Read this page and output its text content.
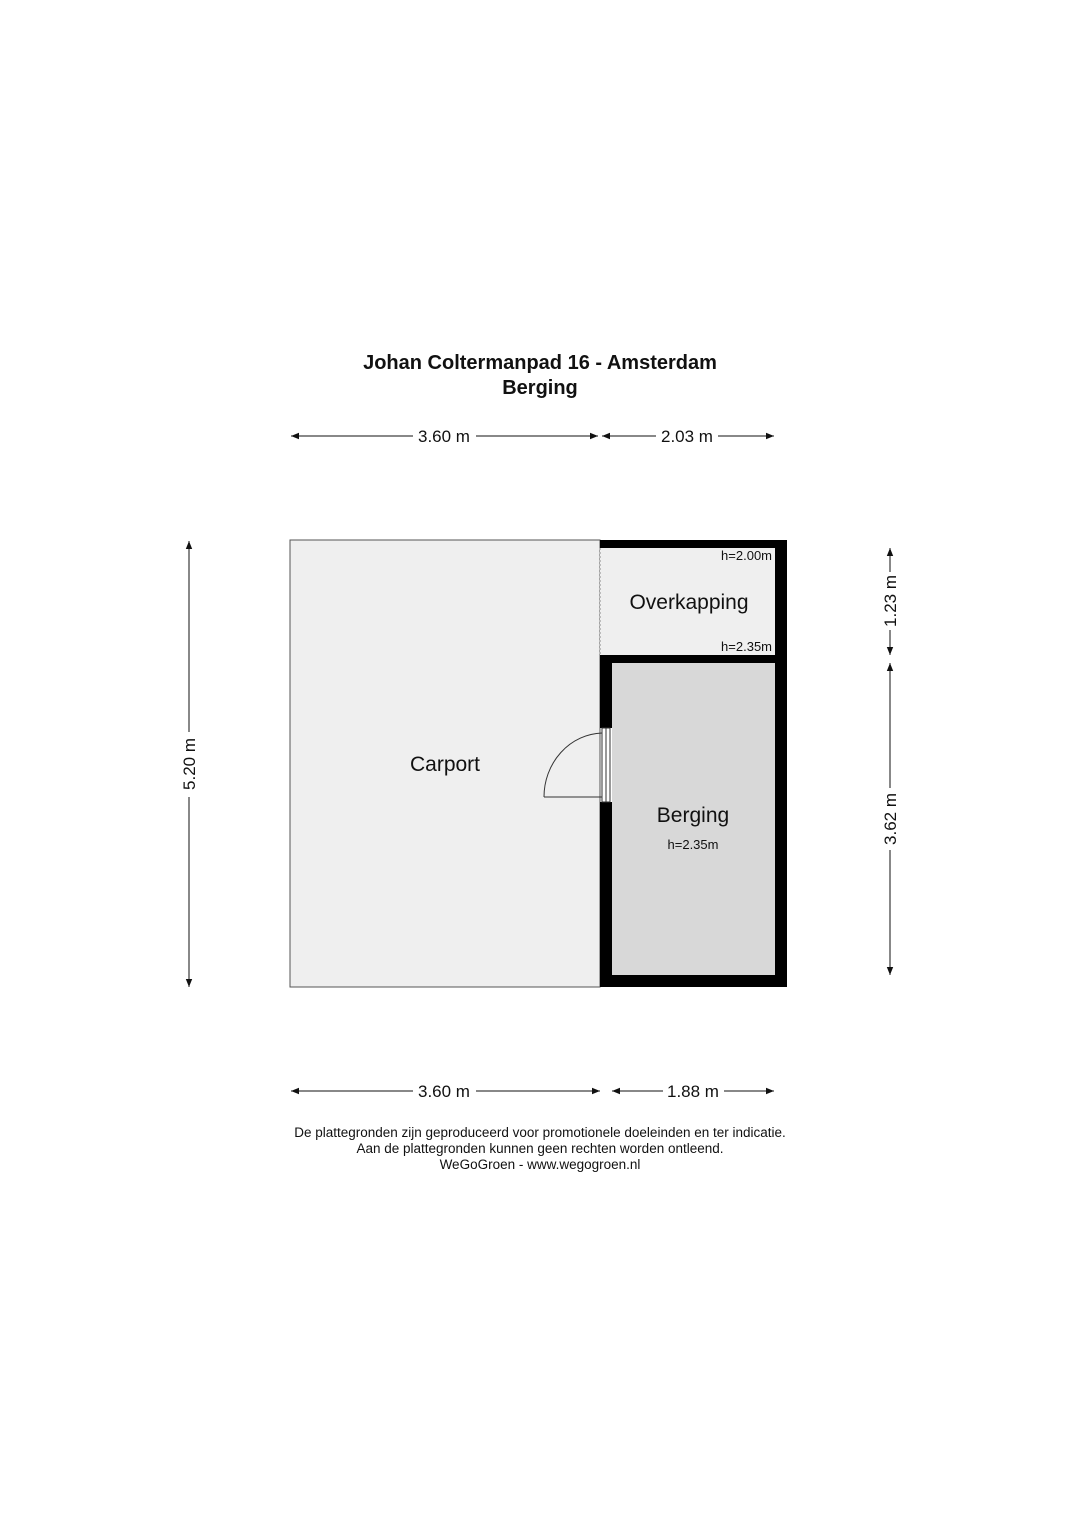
Johan Coltermanpad 16 - Amsterdam
Berging
Carport
Overkapping
h=2.00m
h=2.35m
Berging
h=2.35m
3.60 m	2.03 m
3.60 m	1.88 m
5.20 m
1.23 m
3.62 m
De plattegronden zijn geproduceerd voor promotionele doeleinden en ter indicatie.
Aan de plattegronden kunnen geen rechten worden ontleend.
WeGoGroen - www.wegogroen.nl
